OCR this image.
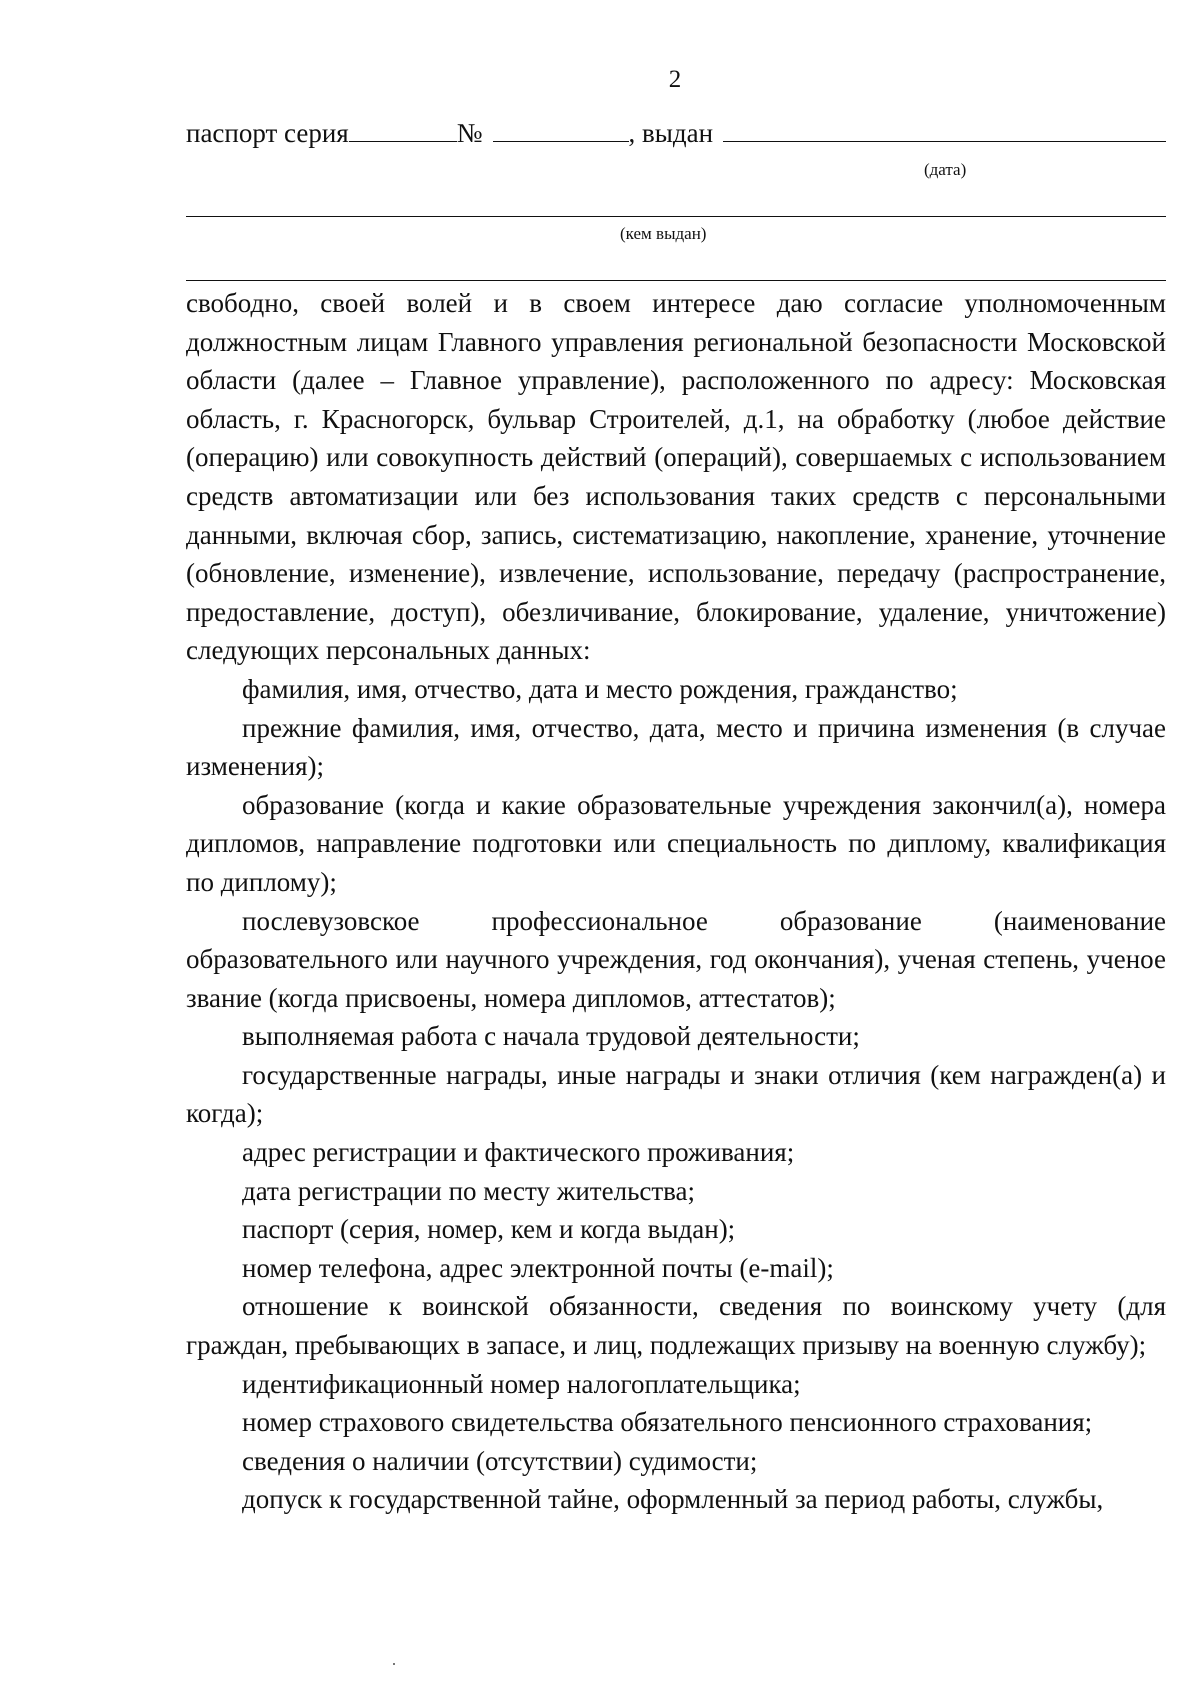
2
паспорт серия	№	, выдан
(дата)
(кем выдан)

свободно, своей волей и в своем интересе даю согласие уполномоченным должностным лицам Главного управления региональной безопасности Московской области (далее – Главное управление), расположенного по адресу: Московская область, г. Красногорск, бульвар Строителей, д.1, на обработку (любое действие (операцию) или совокупность действий (операций), совершаемых с использованием средств автоматизации или без использования таких средств с персональными данными, включая сбор, запись, систематизацию, накопление, хранение, уточнение (обновление, изменение), извлечение, использование, передачу (распространение, предоставление, доступ), обезличивание, блокирование, удаление, уничтожение) следующих персональных данных:

фамилия, имя, отчество, дата и место рождения, гражданство;

прежние фамилия, имя, отчество, дата, место и причина изменения (в случае изменения);

образование (когда и какие образовательные учреждения закончил(а), номера дипломов, направление подготовки или специальность по диплому, квалификация по диплому);

послевузовское профессиональное образование (наименование образовательного или научного учреждения, год окончания), ученая степень, ученое звание (когда присвоены, номера дипломов, аттестатов);

выполняемая работа с начала трудовой деятельности;

государственные награды, иные награды и знаки отличия (кем награжден(а) и когда);

адрес регистрации и фактического проживания;

дата регистрации по месту жительства;

паспорт (серия, номер, кем и когда выдан);

номер телефона, адрес электронной почты (e-mail);

отношение к воинской обязанности, сведения по воинскому учету (для граждан, пребывающих в запасе, и лиц, подлежащих призыву на военную службу);

идентификационный номер налогоплательщика;

номер страхового свидетельства обязательного пенсионного страхования;

сведения о наличии (отсутствии) судимости;

допуск к государственной тайне, оформленный за период работы, службы,
